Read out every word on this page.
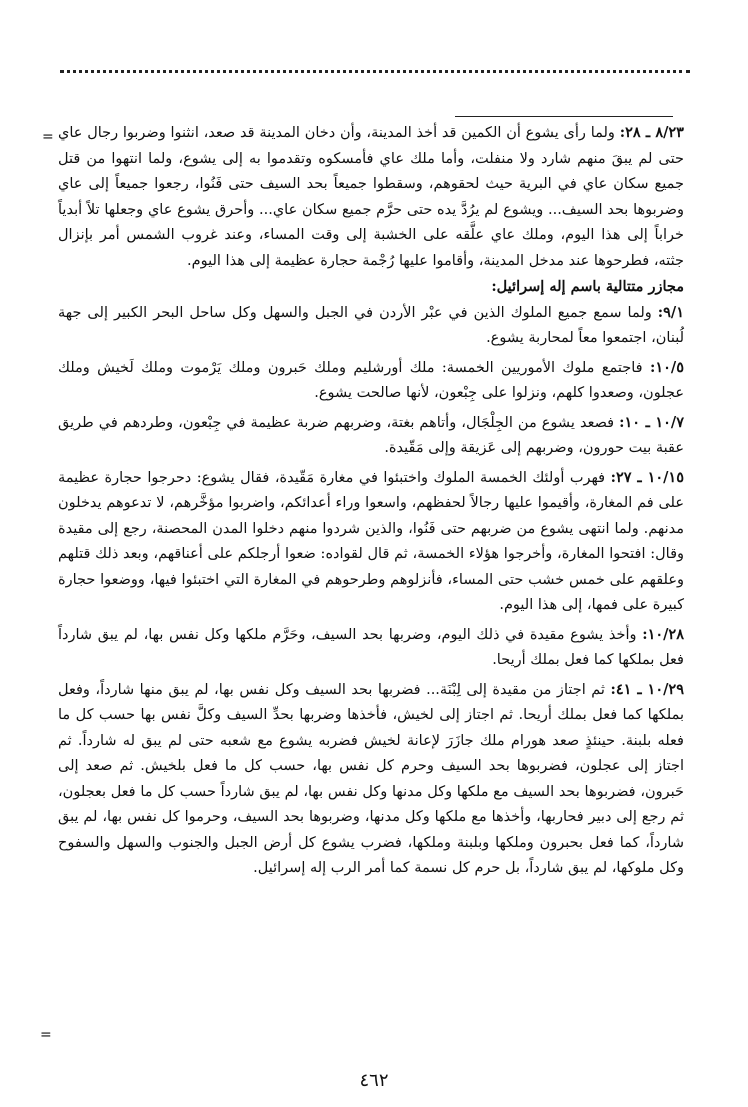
=
=

٨/٢٣ ـ ٢٨: ولما رأى يشوع أن الكمين قد أخذ المدينة، وأن دخان المدينة قد صعد، انثنوا وضربوا رجال عاي حتى لم يبقَ منهم شارد ولا منفلت، وأما ملك عاي فأمسكوه وتقدموا به إلى يشوع، ولما انتهوا من قتل جميع سكان عاي في البرية حيث لحقوهم، وسقطوا جميعاً بحد السيف حتى فَنُوا، رجعوا جميعاً إلى عاي وضربوها بحد السيف... ويشوع لم يرُدَّ يده حتى حرَّم جميع سكان عاي... وأحرق يشوع عاي وجعلها تلاً أبدياً خراباً إلى هذا اليوم، وملك عاي علَّقه على الخشبة إلى وقت المساء، وعند غروب الشمس أمر بإنزال جثته، فطرحوها عند مدخل المدينة، وأقاموا عليها رُجْمة حجارة عظيمة إلى هذا اليوم.

مجازر متتالية باسم إله إسرائيل:

٩/١: ولما سمع جميع الملوك الذين في عبْر الأردن في الجبل والسهل وكل ساحل البحر الكبير إلى جهة لُبنان، اجتمعوا معاً لمحاربة يشوع.

١٠/٥: فاجتمع ملوك الأموريين الخمسة: ملك أورشليم وملك حَبرون وملك يَرْموت وملك لَخيش وملك عجلون، وصعدوا كلهم، ونزلوا على جِبْعون، لأنها صالحت يشوع.

١٠/٧ ـ ١٠: فصعد يشوع من الجِلْجَال، وأتاهم بغتة، وضربهم ضربة عظيمة في جِبْعون، وطردهم في طريق عقبة بيت حورون، وضربهم إلى عَزيقة وإلى مَقّيدة.

١٠/١٥ ـ ٢٧: فهرب أولئك الخمسة الملوك واختبئوا في مغارة مَقّيدة، فقال يشوع: دحرجوا حجارة عظيمة على فم المغارة، وأقيموا عليها رجالاً لحفظهم، واسعوا وراء أعدائكم، واضربوا مؤخَّرهم، لا تدعوهم يدخلون مدنهم. ولما انتهى يشوع من ضربهم حتى فَنُوا، والذين شردوا منهم دخلوا المدن المحصنة، رجع إلى مقيدة وقال: افتحوا المغارة، وأخرجوا هؤلاء الخمسة، ثم قال لقواده: ضعوا أرجلكم على أعناقهم، وبعد ذلك قتلهم وعلقهم على خمس خشب حتى المساء، فأنزلوهم وطرحوهم في المغارة التي اختبئوا فيها، ووضعوا حجارة كبيرة على فمها، إلى هذا اليوم.

١٠/٢٨: وأخذ يشوع مقيدة في ذلك اليوم، وضربها بحد السيف، وحَرَّم ملكها وكل نفس بها، لم يبق شارداً فعل بملكها كما فعل بملك أريحا.

١٠/٢٩ ـ ٤١: ثم اجتاز من مقيدة إلى لِبْنَة... فضربها بحد السيف وكل نفس بها، لم يبق منها شارداً، وفعل بملكها كما فعل بملك أريحا. ثم اجتاز إلى لخيش، فأخذها وضربها بحدِّ السيف وكلَّ نفس بها حسب كل ما فعله بلبنة. حينئذٍ صعد هورام ملك جازَرَ لإعانة لخيش فضربه يشوع مع شعبه حتى لم يبق له شارداً. ثم اجتاز إلى عجلون، فضربوها بحد السيف وحرم كل نفس بها، حسب كل ما فعل بلخيش. ثم صعد إلى حَبرون، فضربوها بحد السيف مع ملكها وكل مدنها وكل نفس بها، لم يبق شارداً حسب كل ما فعل بعجلون، ثم رجع إلى دبير فحاربها، وأخذها مع ملكها وكل مدنها، وضربوها بحد السيف، وحرموا كل نفس بها، لم يبق شارداً، كما فعل بحبرون وملكها وبلبنة وملكها، فضرب يشوع كل أرض الجبل والجنوب والسهل والسفوح وكل ملوكها، لم يبق شارداً، بل حرم كل نسمة كما أمر الرب إله إسرائيل.

٤٦٢
